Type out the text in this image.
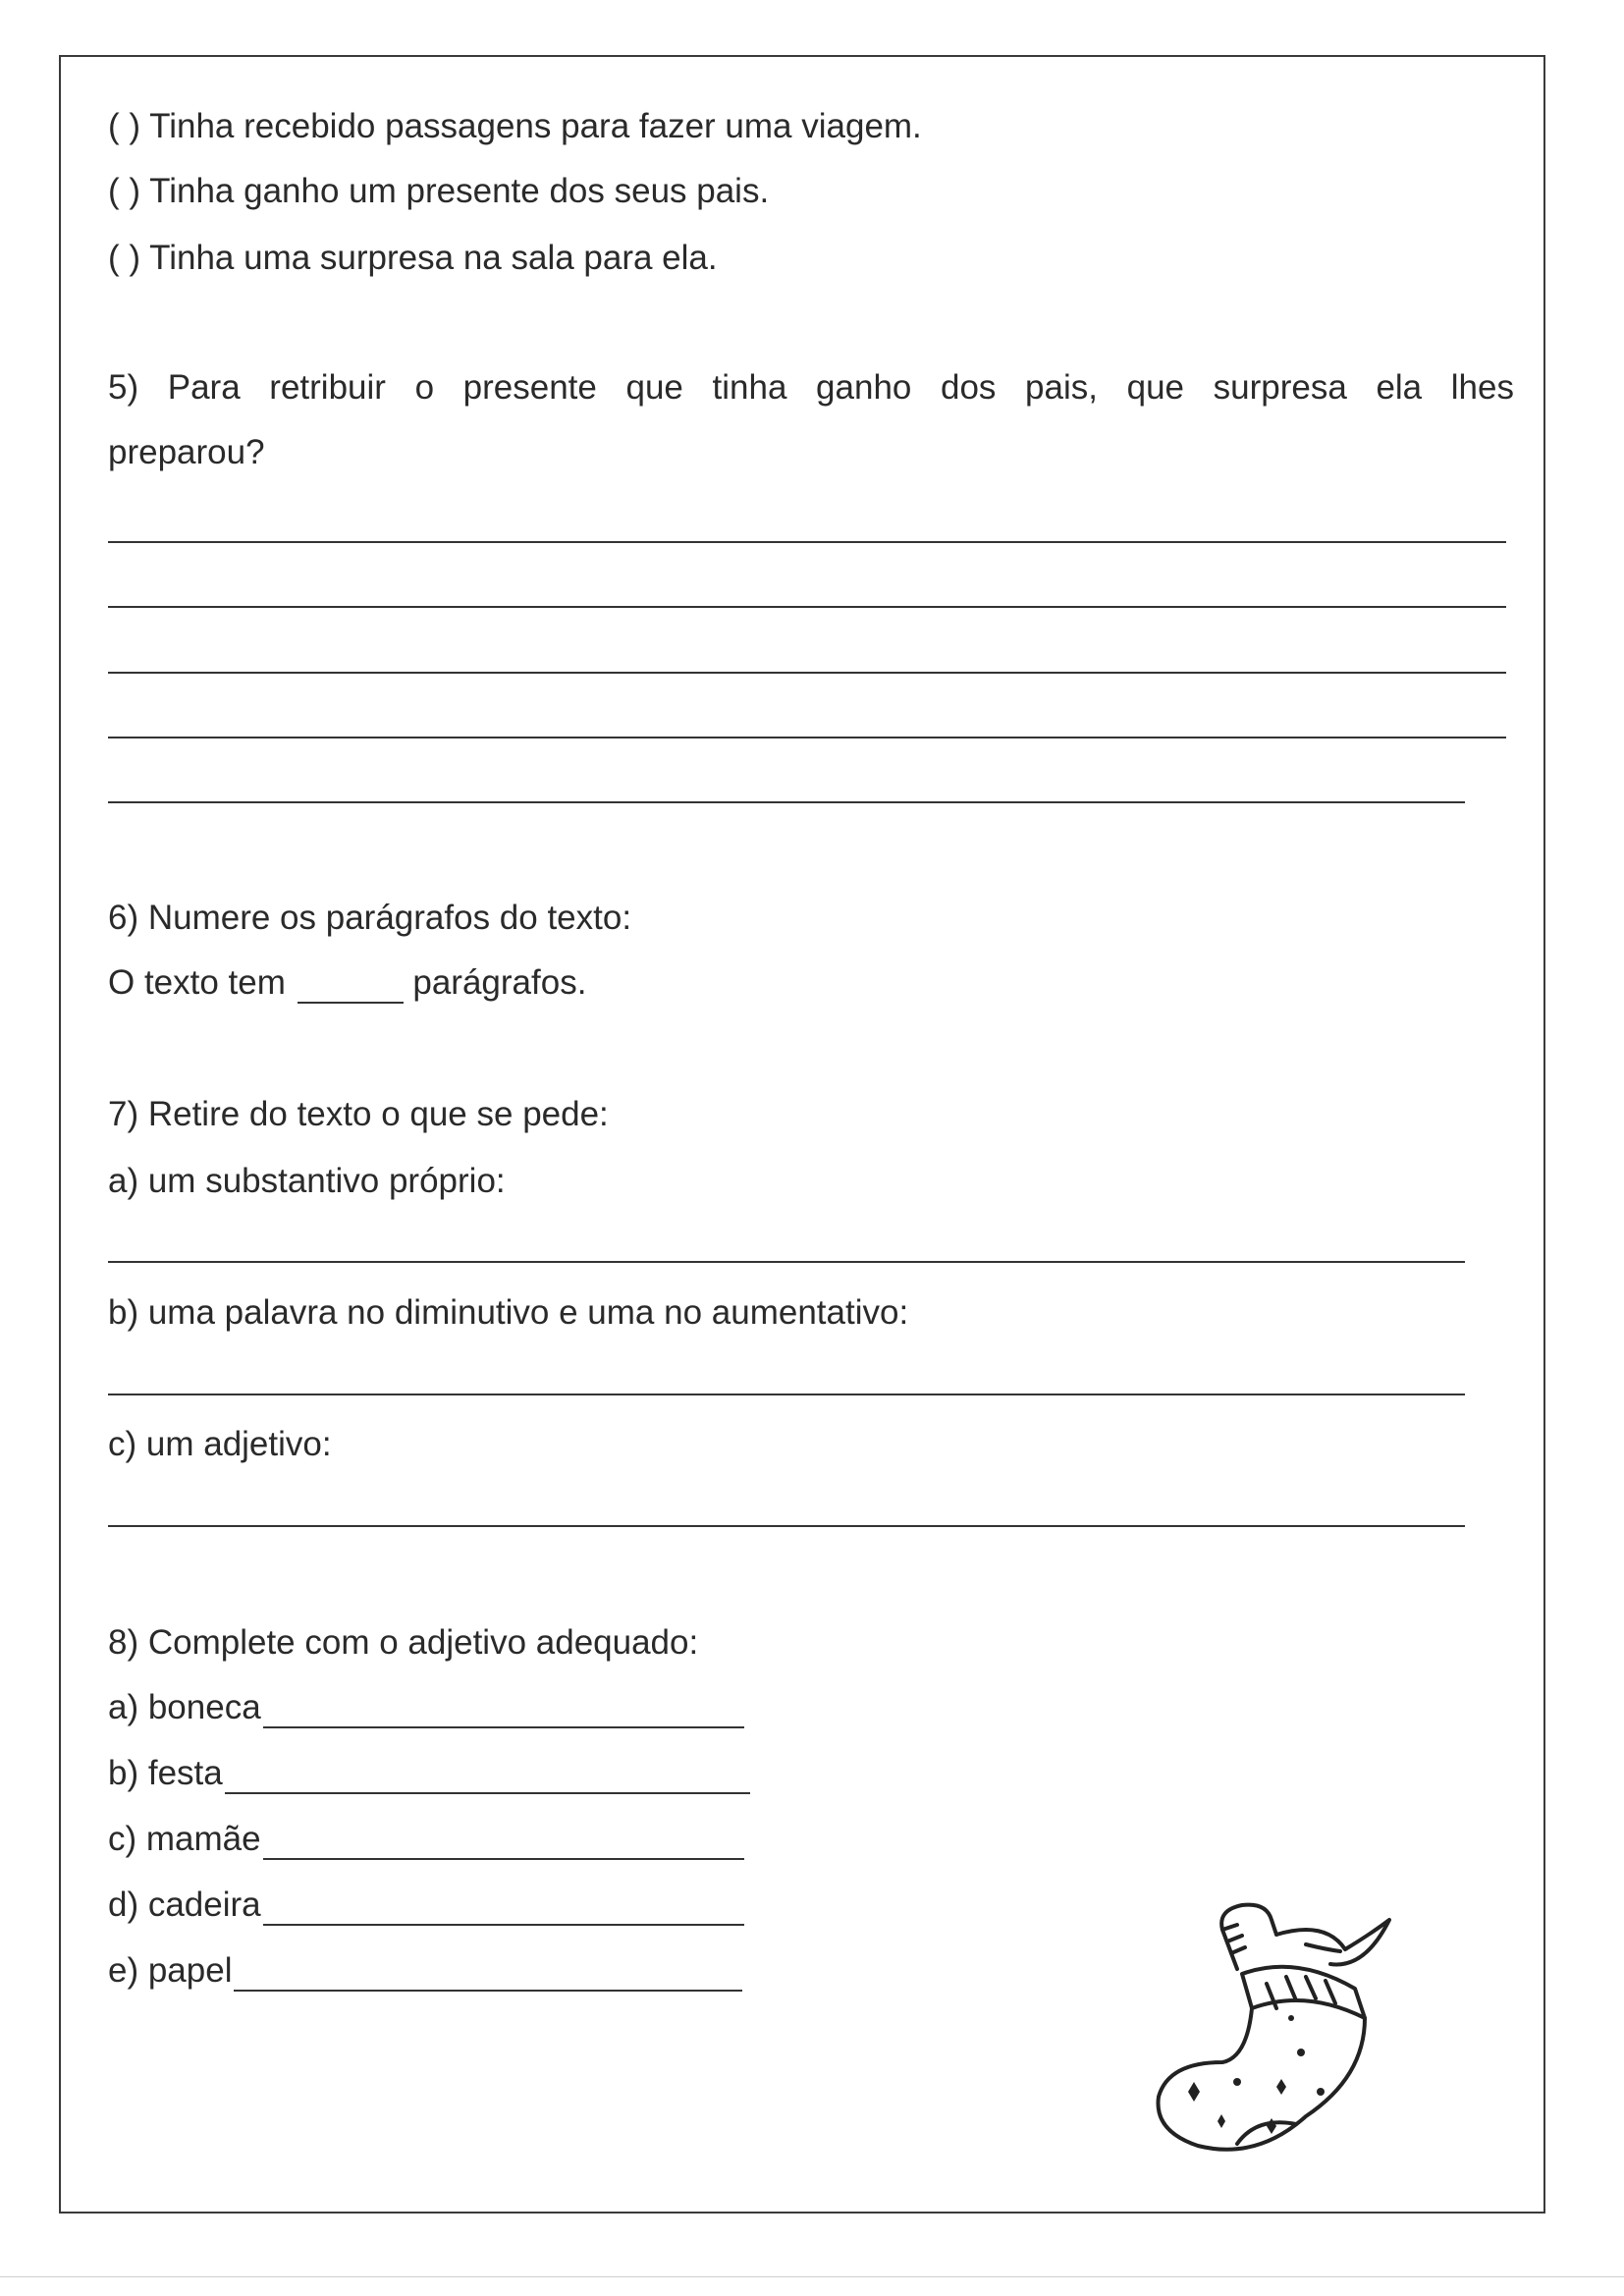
( ) Tinha recebido passagens para fazer uma viagem.
( ) Tinha ganho um presente dos seus pais.
( ) Tinha uma surpresa na sala para ela.
5) Para retribuir o presente que tinha ganho dos pais, que surpresa ela lhes
preparou?
6) Numere os parágrafos do texto:
O texto tem	parágrafos.
7) Retire do texto o que se pede:
a) um substantivo próprio:
b) uma palavra no diminutivo e uma no aumentativo:
c) um adjetivo:
8) Complete com o adjetivo adequado:
a) boneca
b) festa
c) mamãe
d) cadeira
e) papel
